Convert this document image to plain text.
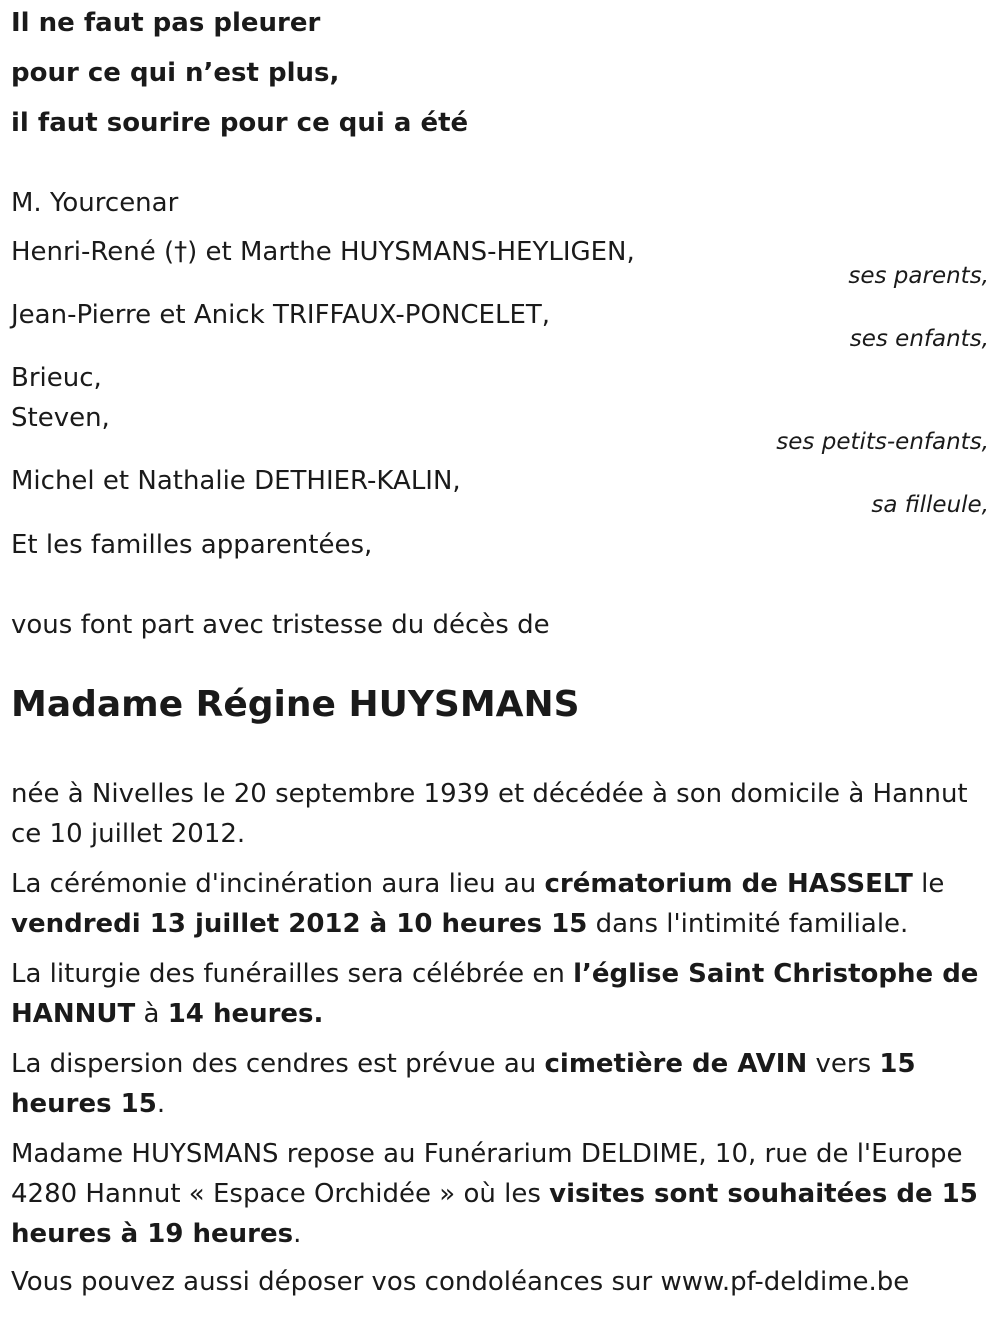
Il ne faut pas pleurer
pour ce qui n’est plus,
il faut sourire pour ce qui a été
M. Yourcenar
Henri-René (†) et Marthe HUYSMANS-HEYLIGEN,
ses parents,
Jean-Pierre et Anick TRIFFAUX-PONCELET,
ses enfants,
Brieuc,
Steven,
ses petits-enfants,
Michel et Nathalie DETHIER-KALIN,
sa filleule,
Et les familles apparentées,
vous font part avec tristesse du décès de
Madame Régine HUYSMANS
née à Nivelles le 20 septembre 1939 et décédée à son domicile à Hannut ce 10 juillet 2012.
La cérémonie d'incinération aura lieu au crématorium de HASSELT le vendredi 13 juillet 2012 à 10 heures 15 dans l'intimité familiale.
La liturgie des funérailles sera célébrée en l’église Saint Christophe de HANNUT à 14 heures.
La dispersion des cendres est prévue au cimetière de AVIN vers 15 heures 15.
Madame HUYSMANS repose au Funérarium DELDIME, 10, rue de l'Europe 4280 Hannut « Espace Orchidée » où les visites sont souhaitées de 15 heures à 19 heures.
Vous pouvez aussi déposer vos condoléances sur www.pf-deldime.be
